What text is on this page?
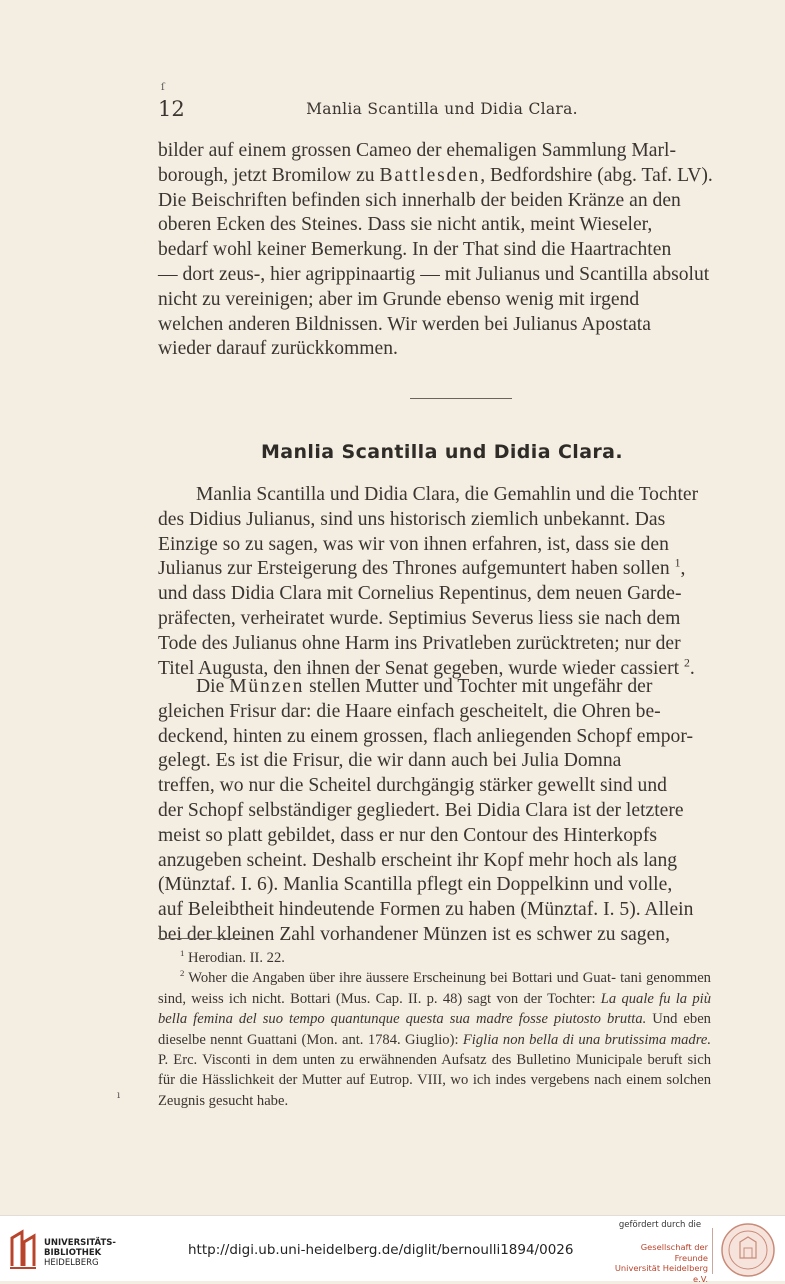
ſ
12	Manlia Scantilla und Didia Clara.

bilder auf einem grossen Cameo der ehemaligen Sammlung Marl-
borough, jetzt Bromilow zu Battlesden, Bedfordshire (abg. Taf. LV).
Die Beischriften befinden sich innerhalb der beiden Kränze an den
oberen Ecken des Steines. Dass sie nicht antik, meint Wieseler,
bedarf wohl keiner Bemerkung. In der That sind die Haartrachten
— dort zeus-, hier agrippinaartig — mit Julianus und Scantilla absolut
nicht zu vereinigen; aber im Grunde ebenso wenig mit irgend
welchen anderen Bildnissen. Wir werden bei Julianus Apostata
wieder darauf zurückkommen.

Manlia Scantilla und Didia Clara.

Manlia Scantilla und Didia Clara, die Gemahlin und die Tochter
des Didius Julianus, sind uns historisch ziemlich unbekannt. Das
Einzige so zu sagen, was wir von ihnen erfahren, ist, dass sie den
Julianus zur Ersteigerung des Thrones aufgemuntert haben sollen $^1$,
und dass Didia Clara mit Cornelius Repentinus, dem neuen Garde-
präfecten, verheiratet wurde. Septimius Severus liess sie nach dem
Tode des Julianus ohne Harm ins Privatleben zurücktreten; nur der
Titel Augusta, den ihnen der Senat gegeben, wurde wieder cassiert $^2$.

Die Münzen stellen Mutter und Tochter mit ungefähr der
gleichen Frisur dar: die Haare einfach gescheitelt, die Ohren be-
deckend, hinten zu einem grossen, flach anliegenden Schopf empor-
gelegt. Es ist die Frisur, die wir dann auch bei Julia Domna
treffen, wo nur die Scheitel durchgängig stärker gewellt sind und
der Schopf selbständiger gegliedert. Bei Didia Clara ist der letztere
meist so platt gebildet, dass er nur den Contour des Hinterkopfs
anzugeben scheint. Deshalb erscheint ihr Kopf mehr hoch als lang
(Münztaf. I. 6). Manlia Scantilla pflegt ein Doppelkinn und volle,
auf Beleibtheit hindeutende Formen zu haben (Münztaf. I. 5). Allein
bei der kleinen Zahl vorhandener Münzen ist es schwer zu sagen,

$^1$ Herodian. II. 22.

$^2$ Woher die Angaben über ihre äussere Erscheinung bei Bottari und Guat- tani genommen sind, weiss ich nicht. Bottari (Mus. Cap. II. p. 48) sagt von der Tochter: La quale fu la più bella femina del suo tempo quantunque questa sua madre fosse piutosto brutta. Und eben dieselbe nennt Guattani (Mon. ant. 1784. Giuglio): Figlia non bella di una brutissima madre. P. Erc. Visconti in dem unten zu erwähnenden Aufsatz des Bulletino Municipale beruft sich für die Hässlichkeit der Mutter auf Eutrop. VIII, wo ich indes vergebens nach einem solchen Zeugnis gesucht habe.

ı
UNIVERSITÄTS-
BIBLIOTHEK
HEIDELBERG
http://digi.ub.uni-heidelberg.de/diglit/bernoulli1894/0026
gefördert durch die
Gesellschaft der Freunde
Universität Heidelberg e.V.
